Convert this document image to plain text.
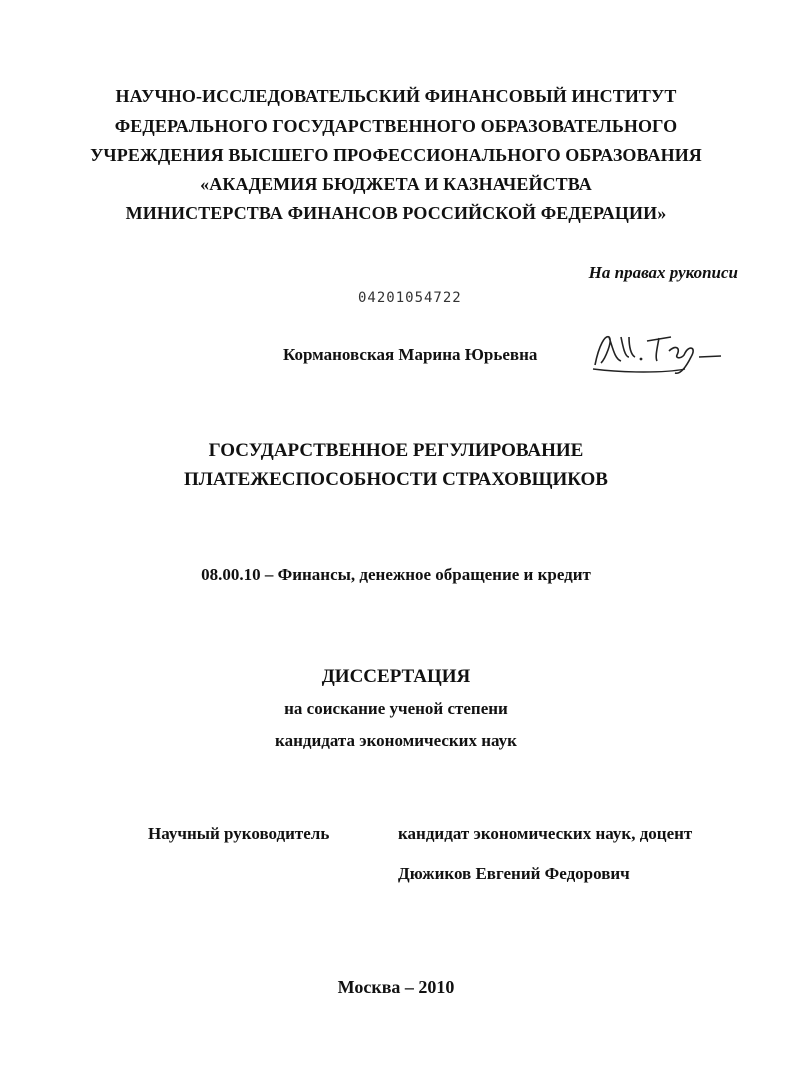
НАУЧНО-ИССЛЕДОВАТЕЛЬСКИЙ ФИНАНСОВЫЙ ИНСТИТУТ
ФЕДЕРАЛЬНОГО ГОСУДАРСТВЕННОГО ОБРАЗОВАТЕЛЬНОГО
УЧРЕЖДЕНИЯ ВЫСШЕГО ПРОФЕССИОНАЛЬНОГО ОБРАЗОВАНИЯ
«АКАДЕМИЯ БЮДЖЕТА И КАЗНАЧЕЙСТВА
МИНИСТЕРСТВА ФИНАНСОВ РОССИЙСКОЙ ФЕДЕРАЦИИ»
На правах рукописи
04201054722
Кормановская Марина Юрьевна
ГОСУДАРСТВЕННОЕ РЕГУЛИРОВАНИЕ
ПЛАТЕЖЕСПОСОБНОСТИ СТРАХОВЩИКОВ
08.00.10 – Финансы, денежное обращение и кредит
ДИССЕРТАЦИЯ
на соискание ученой степени
кандидата экономических наук
Научный руководитель	кандидат экономических наук, доцент
Дюжиков Евгений Федорович
Москва – 2010
